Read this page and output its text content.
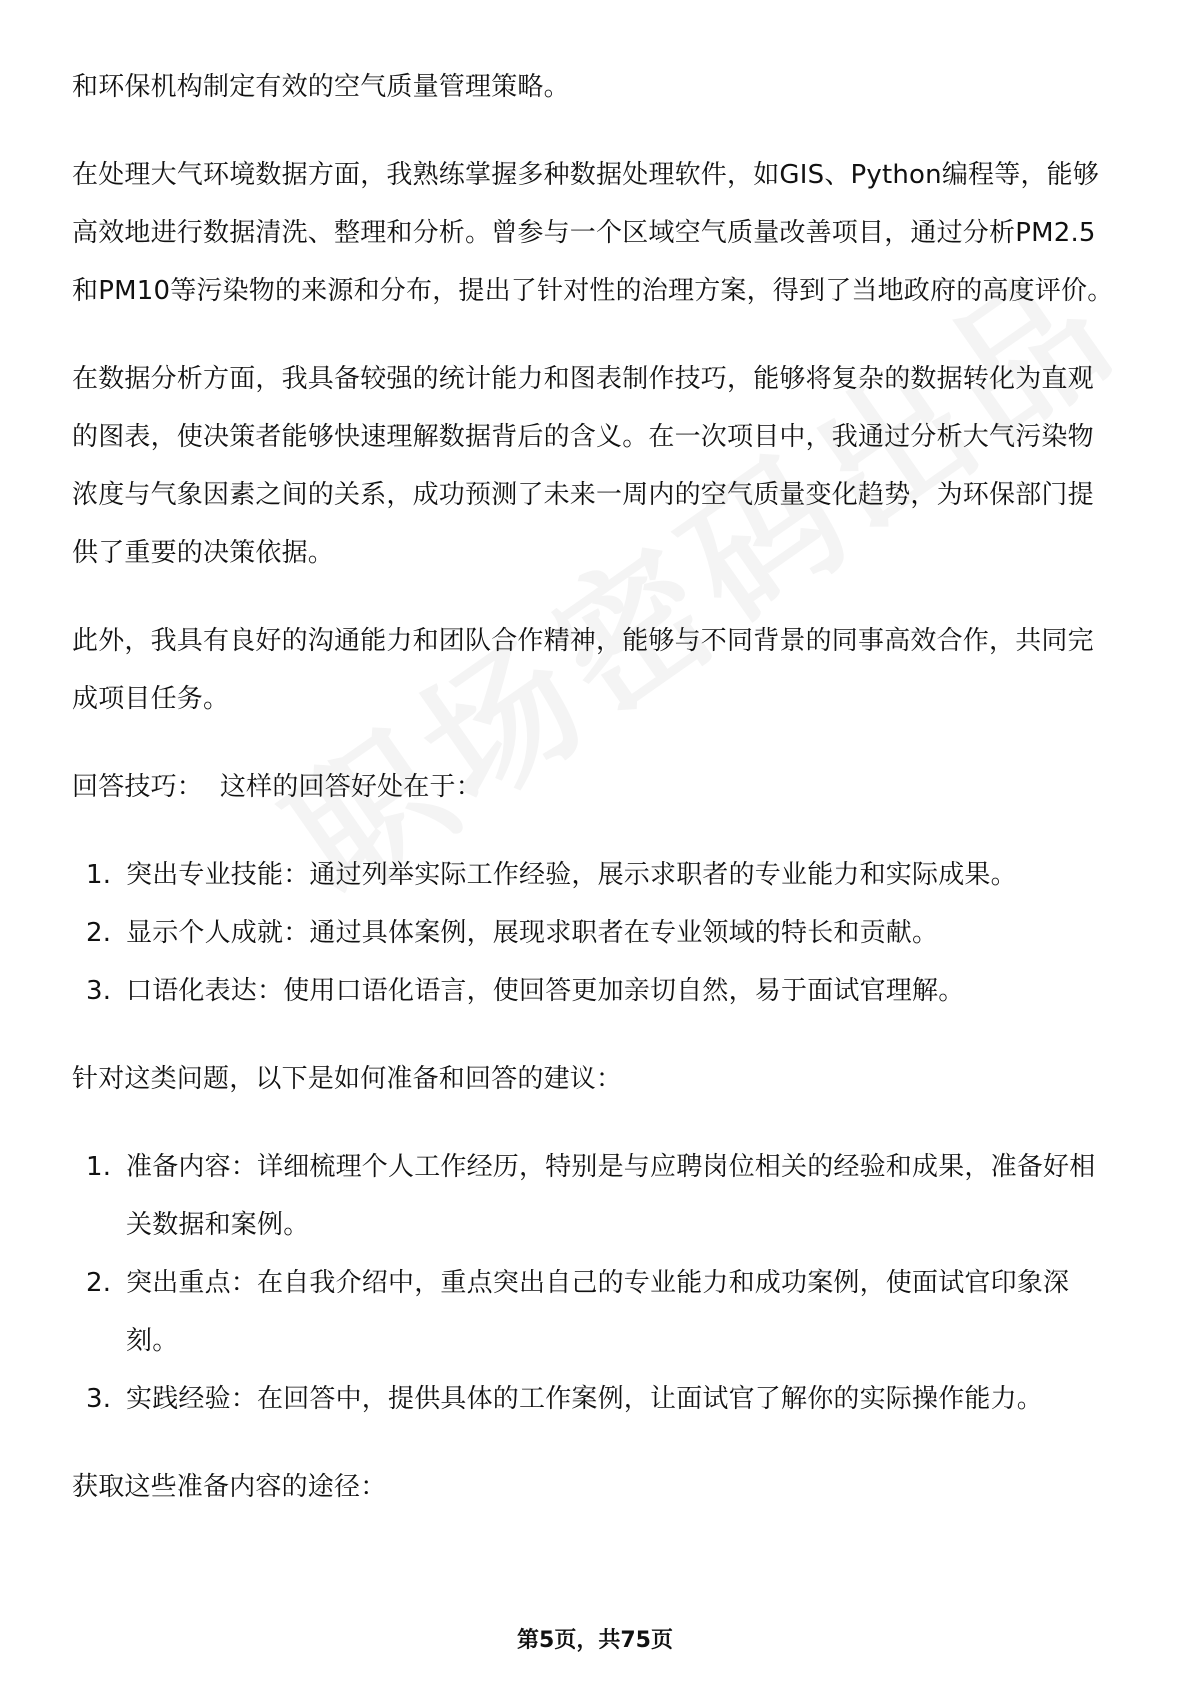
和环保机构制定有效的空气质量管理策略。

在处理大气环境数据方面，我熟练掌握多种数据处理软件，如GIS、Python编程等，能够高效地进行数据清洗、整理和分析。曾参与一个区域空气质量改善项目，通过分析PM2.5和PM10等污染物的来源和分布，提出了针对性的治理方案，得到了当地政府的高度评价。

在数据分析方面，我具备较强的统计能力和图表制作技巧，能够将复杂的数据转化为直观的图表，使决策者能够快速理解数据背后的含义。在一次项目中，我通过分析大气污染物浓度与气象因素之间的关系，成功预测了未来一周内的空气质量变化趋势，为环保部门提供了重要的决策依据。

此外，我具有良好的沟通能力和团队合作精神，能够与不同背景的同事高效合作，共同完成项目任务。

回答技巧：  这样的回答好处在于：

1. 突出专业技能：通过列举实际工作经验，展示求职者的专业能力和实际成果。
2. 显示个人成就：通过具体案例，展现求职者在专业领域的特长和贡献。
3. 口语化表达：使用口语化语言，使回答更加亲切自然，易于面试官理解。

针对这类问题，以下是如何准备和回答的建议：

1. 准备内容：详细梳理个人工作经历，特别是与应聘岗位相关的经验和成果，准备好相关数据和案例。
2. 突出重点：在自我介绍中，重点突出自己的专业能力和成功案例，使面试官印象深刻。
3. 实践经验：在回答中，提供具体的工作案例，让面试官了解你的实际操作能力。

获取这些准备内容的途径：

第5页，共75页
